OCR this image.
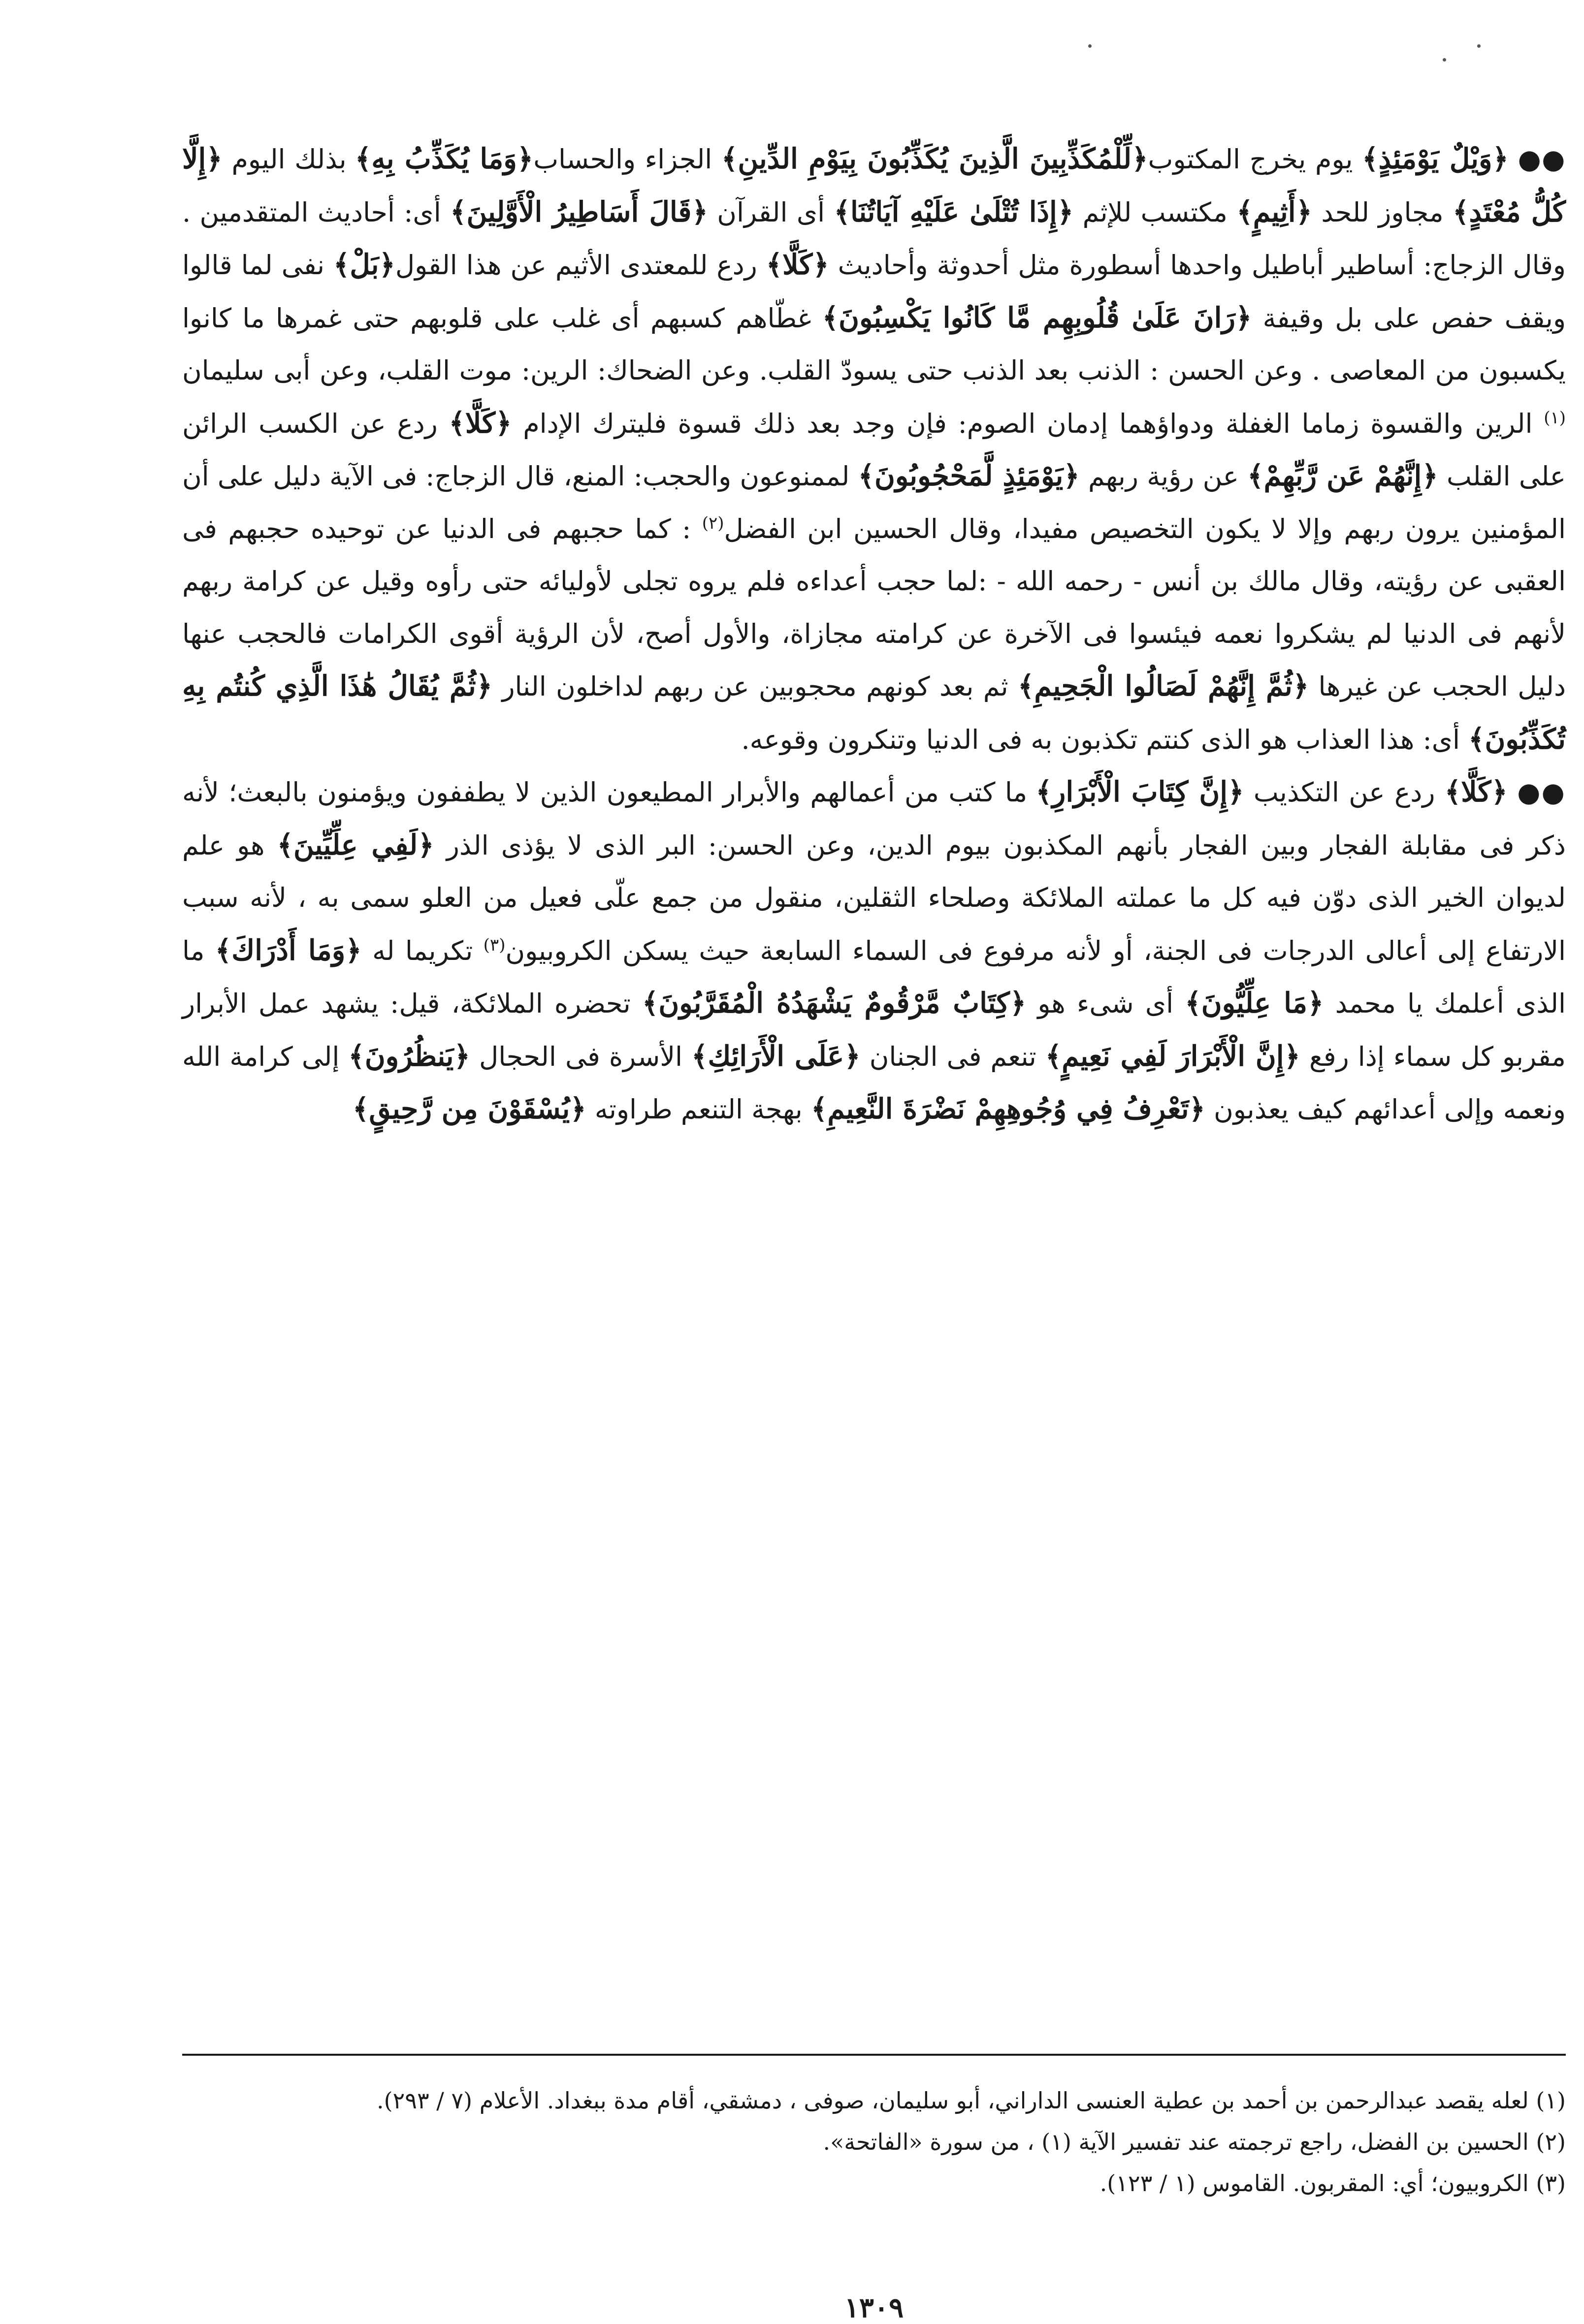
●● ﴿وَيْلٌ يَوْمَئِذٍ﴾ يوم يخرج المكتوب﴿لِّلْمُكَذِّبِينَ الَّذِينَ يُكَذِّبُونَ بِيَوْمِ الدِّينِ﴾ الجزاء والحساب﴿وَمَا يُكَذِّبُ بِهِ﴾ بذلك اليوم ﴿إِلَّا كُلُّ مُعْتَدٍ﴾ مجاوز للحد ﴿أَثِيمٍ﴾ مكتسب للإثم ﴿إِذَا تُتْلَىٰ عَلَيْهِ آيَاتُنَا﴾ أى القرآن ﴿قَالَ أَسَاطِيرُ الْأَوَّلِينَ﴾ أى: أحاديث المتقدمين . وقال الزجاج: أساطير أباطيل واحدها أسطورة مثل أحدوثة وأحاديث ﴿كَلَّا﴾ ردع للمعتدى الأثيم عن هذا القول﴿بَلْ﴾ نفى لما قالوا ويقف حفص على بل وقيفة ﴿رَانَ عَلَىٰ قُلُوبِهِم مَّا كَانُوا يَكْسِبُونَ﴾ غطّاهم كسبهم أى غلب على قلوبهم حتى غمرها ما كانوا يكسبون من المعاصى . وعن الحسن : الذنب بعد الذنب حتى يسودّ القلب. وعن الضحاك: الرين: موت القلب، وعن أبى سليمان $^{(١)}$ الرين والقسوة زماما الغفلة ودواؤهما إدمان الصوم: فإن وجد بعد ذلك قسوة فليترك الإدام ﴿كَلَّا﴾ ردع عن الكسب الرائن على القلب ﴿إِنَّهُمْ عَن رَّبِّهِمْ﴾ عن رؤية ربهم ﴿يَوْمَئِذٍ لَّمَحْجُوبُونَ﴾ لممنوعون والحجب: المنع، قال الزجاج: فى الآية دليل على أن المؤمنين يرون ربهم وإلا لا يكون التخصيص مفيدا، وقال الحسين ابن الفضل$^{(٢)}$ : كما حجبهم فى الدنيا عن توحيده حجبهم فى العقبى عن رؤيته، وقال مالك بن أنس - رحمه الله - :لما حجب أعداءه فلم يروه تجلى لأوليائه حتى رأوه وقيل عن كرامة ربهم لأنهم فى الدنيا لم يشكروا نعمه فيئسوا فى الآخرة عن كرامته مجازاة، والأول أصح، لأن الرؤية أقوى الكرامات فالحجب عنها دليل الحجب عن غيرها ﴿ثُمَّ إِنَّهُمْ لَصَالُوا الْجَحِيمِ﴾ ثم بعد كونهم محجوبين عن ربهم لداخلون النار ﴿ثُمَّ يُقَالُ هَٰذَا الَّذِي كُنتُم بِهِ تُكَذِّبُونَ﴾ أى: هذا العذاب هو الذى كنتم تكذبون به فى الدنيا وتنكرون وقوعه.

●● ﴿كَلَّا﴾ ردع عن التكذيب ﴿إِنَّ كِتَابَ الْأَبْرَارِ﴾ ما كتب من أعمالهم والأبرار المطيعون الذين لا يطففون ويؤمنون بالبعث؛ لأنه ذكر فى مقابلة الفجار وبين الفجار بأنهم المكذبون بيوم الدين، وعن الحسن: البر الذى لا يؤذى الذر ﴿لَفِي عِلِّيِّينَ﴾ هو علم لديوان الخير الذى دوّن فيه كل ما عملته الملائكة وصلحاء الثقلين، منقول من جمع علّى فعيل من العلو سمى به ، لأنه سبب الارتفاع إلى أعالى الدرجات فى الجنة، أو لأنه مرفوع فى السماء السابعة حيث يسكن الكروبيون$^{(٣)}$ تكريما له ﴿وَمَا أَدْرَاكَ﴾ ما الذى أعلمك يا محمد ﴿مَا عِلِّيُّونَ﴾ أى شىء هو ﴿كِتَابٌ مَّرْقُومٌ يَشْهَدُهُ الْمُقَرَّبُونَ﴾ تحضره الملائكة، قيل: يشهد عمل الأبرار مقربو كل سماء إذا رفع ﴿إِنَّ الْأَبْرَارَ لَفِي نَعِيمٍ﴾ تنعم فى الجنان ﴿عَلَى الْأَرَائِكِ﴾ الأسرة فى الحجال ﴿يَنظُرُونَ﴾ إلى كرامة الله ونعمه وإلى أعدائهم كيف يعذبون ﴿تَعْرِفُ فِي وُجُوهِهِمْ نَضْرَةَ النَّعِيمِ﴾ بهجة التنعم طراوته ﴿يُسْقَوْنَ مِن رَّحِيقٍ﴾

(١) لعله يقصد عبدالرحمن بن أحمد بن عطية العنسى الداراني، أبو سليمان، صوفى ، دمشقي، أقام مدة ببغداد. الأعلام (٧ / ٢٩٣).

(٢) الحسين بن الفضل، راجع ترجمته عند تفسير الآية (١) ، من سورة «الفاتحة».

(٣) الكروبيون؛ أي: المقربون. القاموس (١ / ١٢٣).

١٣٠٩
